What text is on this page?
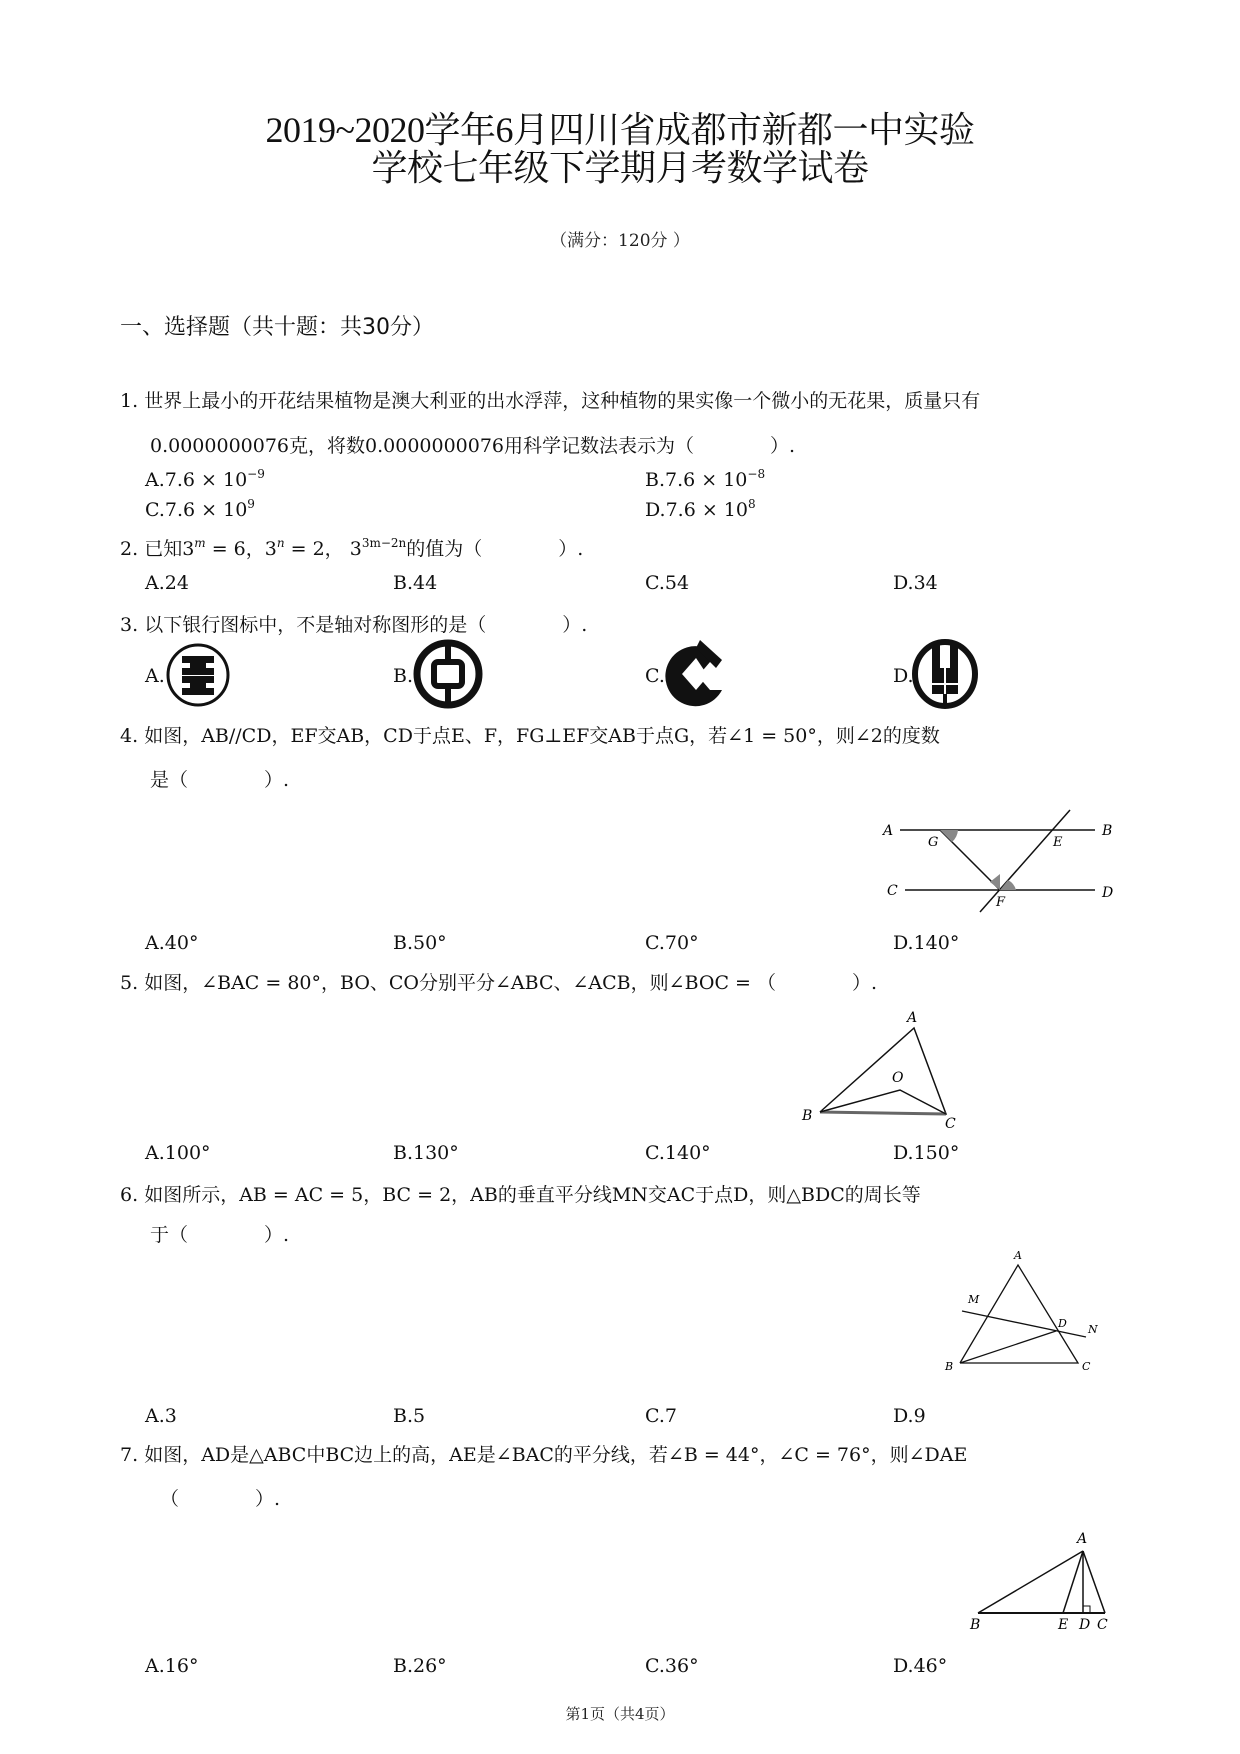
2019~2020学年6月四川省成都市新都一中实验
学校七年级下学期月考数学试卷
（满分：120分 ）
一、选择题（共十题：共30分）
1. 世界上最小的开花结果植物是澳大利亚的出水浮萍，这种植物的果实像一个微小的无花果，质量只有
0.0000000076克，将数0.0000000076用科学记数法表示为（　　　　）.
$A.7.6 \times 10^{-9}$	$B.7.6 \times 10^{-8}$
$C.7.6 \times 10^9$	$D.7.6 \times 10^8$
2. 已知$3^m = 6$，$3^n = 2$， $3^{3m-2n}$的值为（　　　　）.
A.24	B.44	C.54	D.34
3. 以下银行图标中，不是轴对称图形的是（　　　　）.
A.	B.	C.	D.
4. 如图，AB//CD，EF交AB，CD于点E、F，FG⊥EF交AB于点G，若∠1 = 50°，则∠2的度数
是（　　　　）.
A	B
C	D
E
F
G
A.40°	B.50°	C.70°	D.140°
5. 如图，∠BAC = 80°，BO、CO分别平分∠ABC、∠ACB，则∠BOC = （　　　　）.
A
B	C
O
A.100°	B.130°	C.140°	D.150°
6. 如图所示，AB = AC = 5，BC = 2，AB的垂直平分线MN交AC于点D，则△BDC的周长等
于（　　　　）.
A
B	C
D
M
N
A.3	B.5	C.7	D.9
7. 如图，AD是△ABC中BC边上的高，AE是∠BAC的平分线，若∠B = 44°，∠C = 76°，则∠DAE
（　　　　）.
A
B	E D C
A.16°	B.26°	C.36°	D.46°
第1页（共4页）
